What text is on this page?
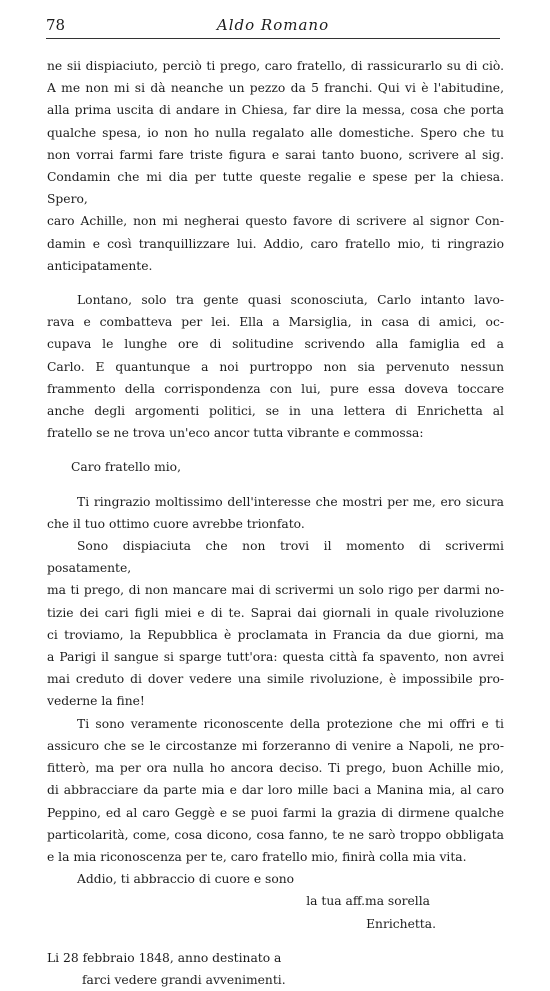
78	Aldo Romano
ne sii dispiaciuto, perciò ti prego, caro fratello, di rassicurarlo su di ciò.
A me non mi si dà neanche un pezzo da 5 franchi. Qui vi è l'abitudine,
alla prima uscita di andare in Chiesa, far dire la messa, cosa che porta
qualche spesa, io non ho nulla regalato alle domestiche. Spero che tu
non vorrai farmi fare triste figura e sarai tanto buono, scrivere al sig.
Condamin che mi dia per tutte queste regalie e spese per la chiesa. Spero,
caro Achille, non mi negherai questo favore di scrivere al signor Con-
damin e così tranquillizzare lui. Addio, caro fratello mio, ti ringrazio
anticipatamente.
Lontano, solo tra gente quasi sconosciuta, Carlo intanto lavo-
rava e combatteva per lei. Ella a Marsiglia, in casa di amici, oc-
cupava le lunghe ore di solitudine scrivendo alla famiglia ed a
Carlo. E quantunque a noi purtroppo non sia pervenuto nessun
frammento della corrispondenza con lui, pure essa doveva toccare
anche degli argomenti politici, se in una lettera di Enrichetta al
fratello se ne trova un'eco ancor tutta vibrante e commossa:
Caro fratello mio,
Ti ringrazio moltissimo dell'interesse che mostri per me, ero sicura
che il tuo ottimo cuore avrebbe trionfato.
Sono dispiaciuta che non trovi il momento di scrivermi posatamente,
ma ti prego, di non mancare mai di scrivermi un solo rigo per darmi no-
tizie dei cari figli miei e di te. Saprai dai giornali in quale rivoluzione
ci troviamo, la Repubblica è proclamata in Francia da due giorni, ma
a Parigi il sangue si sparge tutt'ora: questa città fa spavento, non avrei
mai creduto di dover vedere una simile rivoluzione, è impossibile pro-
vederne la fine!
Ti sono veramente riconoscente della protezione che mi offri e ti
assicuro che se le circostanze mi forzeranno di venire a Napoli, ne pro-
fitterò, ma per ora nulla ho ancora deciso. Ti prego, buon Achille mio,
di abbracciare da parte mia e dar loro mille baci a Manina mia, al caro
Peppino, ed al caro Geggè e se puoi farmi la grazia di dirmene qualche
particolarità, come, cosa dicono, cosa fanno, te ne sarò troppo obbligata
e la mia riconoscenza per te, caro fratello mio, finirà colla mia vita.
Addio, ti abbraccio di cuore e sono
la tua aff.ma sorella
Enrichetta.
Li 28 febbraio 1848, anno destinato a
farci vedere grandi avvenimenti.
